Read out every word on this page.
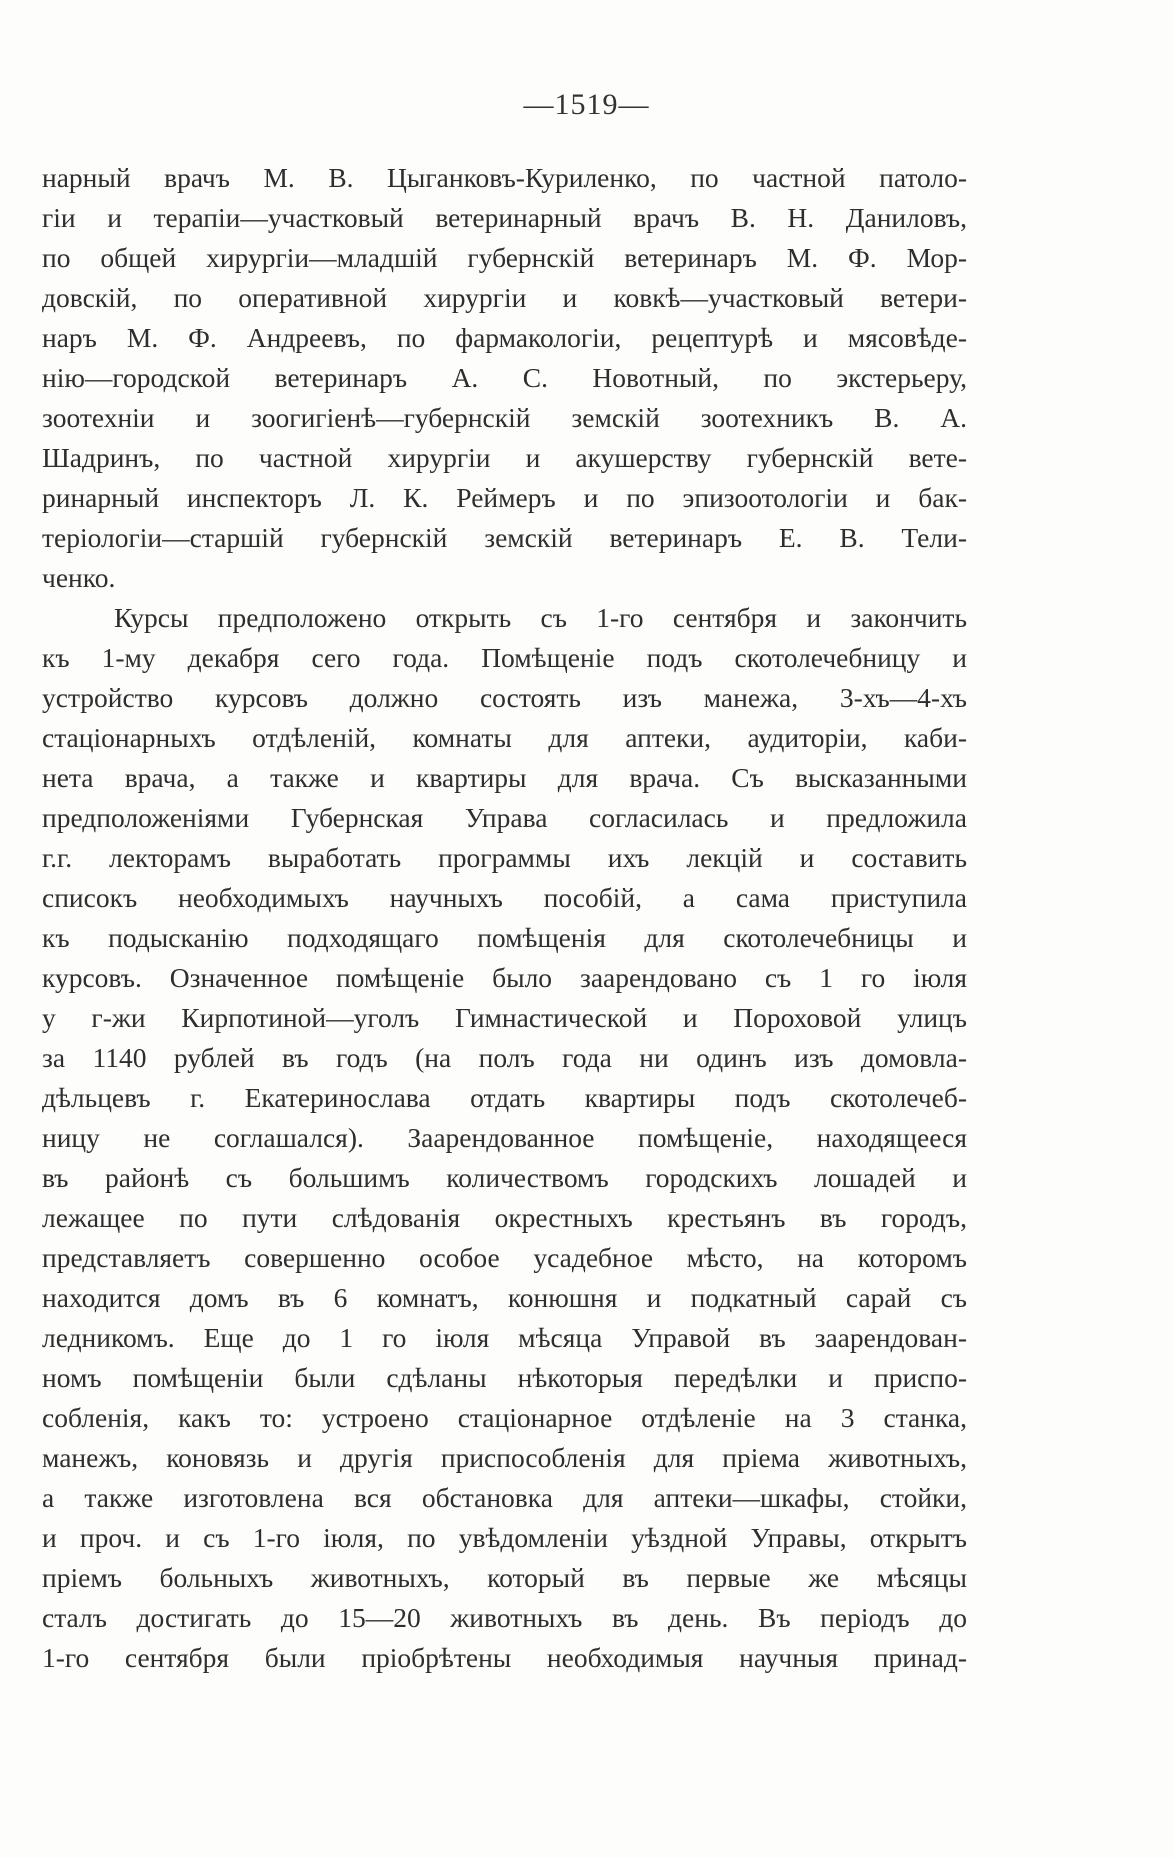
—1519—
нарный врачъ М. В. Цыганковъ-Куриленко, по частной патоло-
гіи и терапіи—участковый ветеринарный врачъ В. Н. Даниловъ,
по общей хирургіи—младшій губернскій ветеринаръ М. Ф. Мор-
довскій, по оперативной хирургіи и ковкѣ—участковый ветери-
наръ М. Ф. Андреевъ, по фармакологіи, рецептурѣ и мясовѣде-
нію—городской ветеринаръ А. С. Новотный, по экстерьеру,
зоотехніи и зоогигіенѣ—губернскій земскій зоотехникъ В. А.
Шадринъ, по частной хирургіи и акушерству губернскій вете-
ринарный инспекторъ Л. К. Реймеръ и по эпизоотологіи и бак-
теріологіи—старшій губернскій земскій ветеринаръ Е. В. Тели-
ченко.
Курсы предположено открыть съ 1-го сентября и закончить
къ 1-му декабря сего года. Помѣщеніе подъ скотолечебницу и
устройство курсовъ должно состоять изъ манежа, 3-хъ—4-хъ
стаціонарныхъ отдѣленій, комнаты для аптеки, аудиторіи, каби-
нета врача, а также и квартиры для врача. Съ высказанными
предположеніями Губернская Управа согласилась и предложила
г.г. лекторамъ выработать программы ихъ лекцій и составить
списокъ необходимыхъ научныхъ пособій, а сама приступила
къ подысканію подходящаго помѣщенія для скотолечебницы и
курсовъ. Означенное помѣщеніе было заарендовано съ 1 го іюля
у г-жи Кирпотиной—уголъ Гимнастической и Пороховой улицъ
за 1140 рублей въ годъ (на полъ года ни одинъ изъ домовла-
дѣльцевъ г. Екатеринослава отдать квартиры подъ скотолечеб-
ницу не соглашался). Заарендованное помѣщеніе, находящееся
въ районѣ съ большимъ количествомъ городскихъ лошадей и
лежащее по пути слѣдованія окрестныхъ крестьянъ въ городъ,
представляетъ совершенно особое усадебное мѣсто, на которомъ
находится домъ въ 6 комнатъ, конюшня и подкатный сарай съ
ледникомъ. Еще до 1 го іюля мѣсяца Управой въ заарендован-
номъ помѣщеніи были сдѣланы нѣкоторыя передѣлки и приспо-
собленія, какъ то: устроено стаціонарное отдѣленіе на 3 станка,
манежъ, коновязь и другія приспособленія для пріема животныхъ,
а также изготовлена вся обстановка для аптеки—шкафы, стойки,
и проч. и съ 1-го іюля, по увѣдомленіи уѣздной Управы, открытъ
пріемъ больныхъ животныхъ, который въ первые же мѣсяцы
сталъ достигать до 15—20 животныхъ въ день. Въ періодъ до
1-го сентября были пріобрѣтены необходимыя научныя принад-
